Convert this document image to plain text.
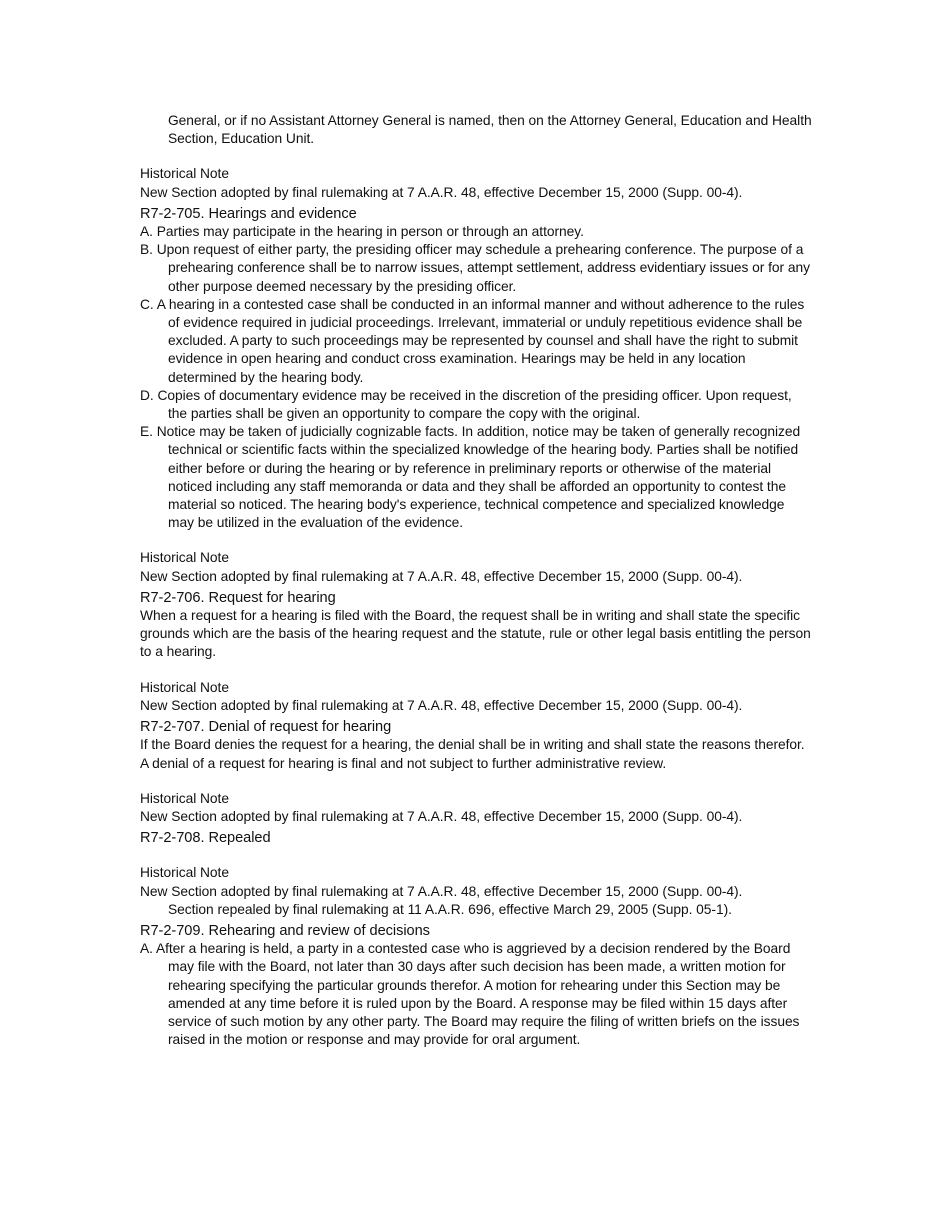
General, or if no Assistant Attorney General is named, then on the Attorney General, Education and Health Section, Education Unit.
Historical Note
New Section adopted by final rulemaking at 7 A.A.R. 48, effective December 15, 2000 (Supp. 00-4).
R7-2-705. Hearings and evidence
A. Parties may participate in the hearing in person or through an attorney.
B. Upon request of either party, the presiding officer may schedule a prehearing conference. The purpose of a prehearing conference shall be to narrow issues, attempt settlement, address evidentiary issues or for any other purpose deemed necessary by the presiding officer.
C. A hearing in a contested case shall be conducted in an informal manner and without adherence to the rules of evidence required in judicial proceedings. Irrelevant, immaterial or unduly repetitious evidence shall be excluded. A party to such proceedings may be represented by counsel and shall have the right to submit evidence in open hearing and conduct cross examination. Hearings may be held in any location determined by the hearing body.
D. Copies of documentary evidence may be received in the discretion of the presiding officer. Upon request, the parties shall be given an opportunity to compare the copy with the original.
E. Notice may be taken of judicially cognizable facts. In addition, notice may be taken of generally recognized technical or scientific facts within the specialized knowledge of the hearing body. Parties shall be notified either before or during the hearing or by reference in preliminary reports or otherwise of the material noticed including any staff memoranda or data and they shall be afforded an opportunity to contest the material so noticed. The hearing body's experience, technical competence and specialized knowledge may be utilized in the evaluation of the evidence.
Historical Note
New Section adopted by final rulemaking at 7 A.A.R. 48, effective December 15, 2000 (Supp. 00-4).
R7-2-706. Request for hearing
When a request for a hearing is filed with the Board, the request shall be in writing and shall state the specific grounds which are the basis of the hearing request and the statute, rule or other legal basis entitling the person to a hearing.
Historical Note
New Section adopted by final rulemaking at 7 A.A.R. 48, effective December 15, 2000 (Supp. 00-4).
R7-2-707. Denial of request for hearing
If the Board denies the request for a hearing, the denial shall be in writing and shall state the reasons therefor. A denial of a request for hearing is final and not subject to further administrative review.
Historical Note
New Section adopted by final rulemaking at 7 A.A.R. 48, effective December 15, 2000 (Supp. 00-4).
R7-2-708. Repealed
Historical Note
New Section adopted by final rulemaking at 7 A.A.R. 48, effective December 15, 2000 (Supp. 00-4).
Section repealed by final rulemaking at 11 A.A.R. 696, effective March 29, 2005 (Supp. 05-1).
R7-2-709. Rehearing and review of decisions
A. After a hearing is held, a party in a contested case who is aggrieved by a decision rendered by the Board may file with the Board, not later than 30 days after such decision has been made, a written motion for rehearing specifying the particular grounds therefor. A motion for rehearing under this Section may be amended at any time before it is ruled upon by the Board. A response may be filed within 15 days after service of such motion by any other party. The Board may require the filing of written briefs on the issues raised in the motion or response and may provide for oral argument.
